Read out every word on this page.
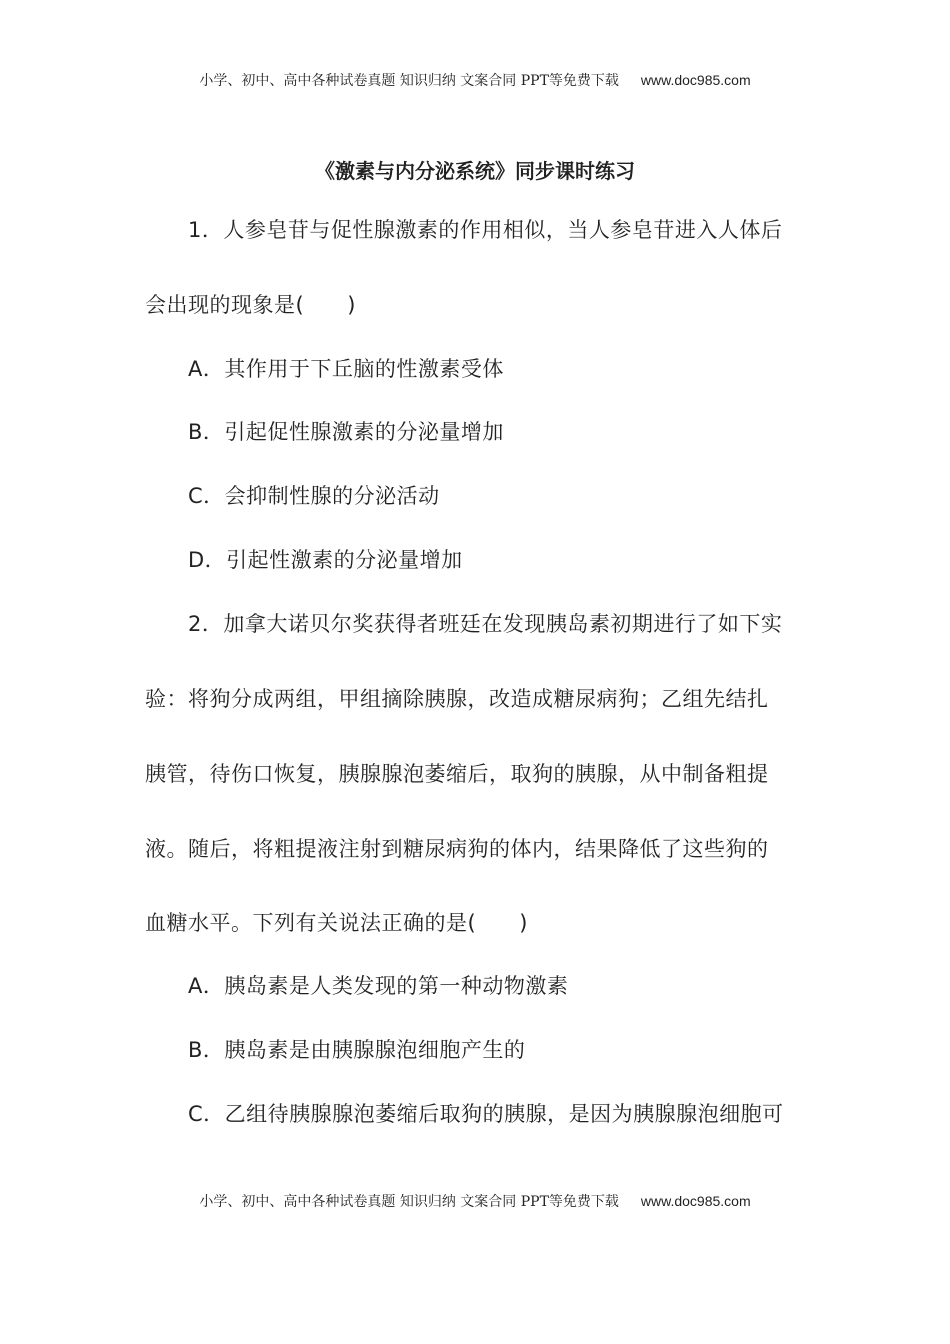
小学、初中、高中各种试卷真题 知识归纳 文案合同 PPT等免费下载 www.doc985.com
《激素与内分泌系统》同步课时练习
1．人参皂苷与促性腺激素的作用相似，当人参皂苷进入人体后
会出现的现象是(　　)
A．其作用于下丘脑的性激素受体
B．引起促性腺激素的分泌量增加
C．会抑制性腺的分泌活动
D．引起性激素的分泌量增加
2．加拿大诺贝尔奖获得者班廷在发现胰岛素初期进行了如下实
验：将狗分成两组，甲组摘除胰腺，改造成糖尿病狗；乙组先结扎
胰管，待伤口恢复，胰腺腺泡萎缩后，取狗的胰腺，从中制备粗提
液。随后，将粗提液注射到糖尿病狗的体内，结果降低了这些狗的
血糖水平。下列有关说法正确的是(　　)
A．胰岛素是人类发现的第一种动物激素
B．胰岛素是由胰腺腺泡细胞产生的
C．乙组待胰腺腺泡萎缩后取狗的胰腺，是因为胰腺腺泡细胞可
小学、初中、高中各种试卷真题 知识归纳 文案合同 PPT等免费下载 www.doc985.com
